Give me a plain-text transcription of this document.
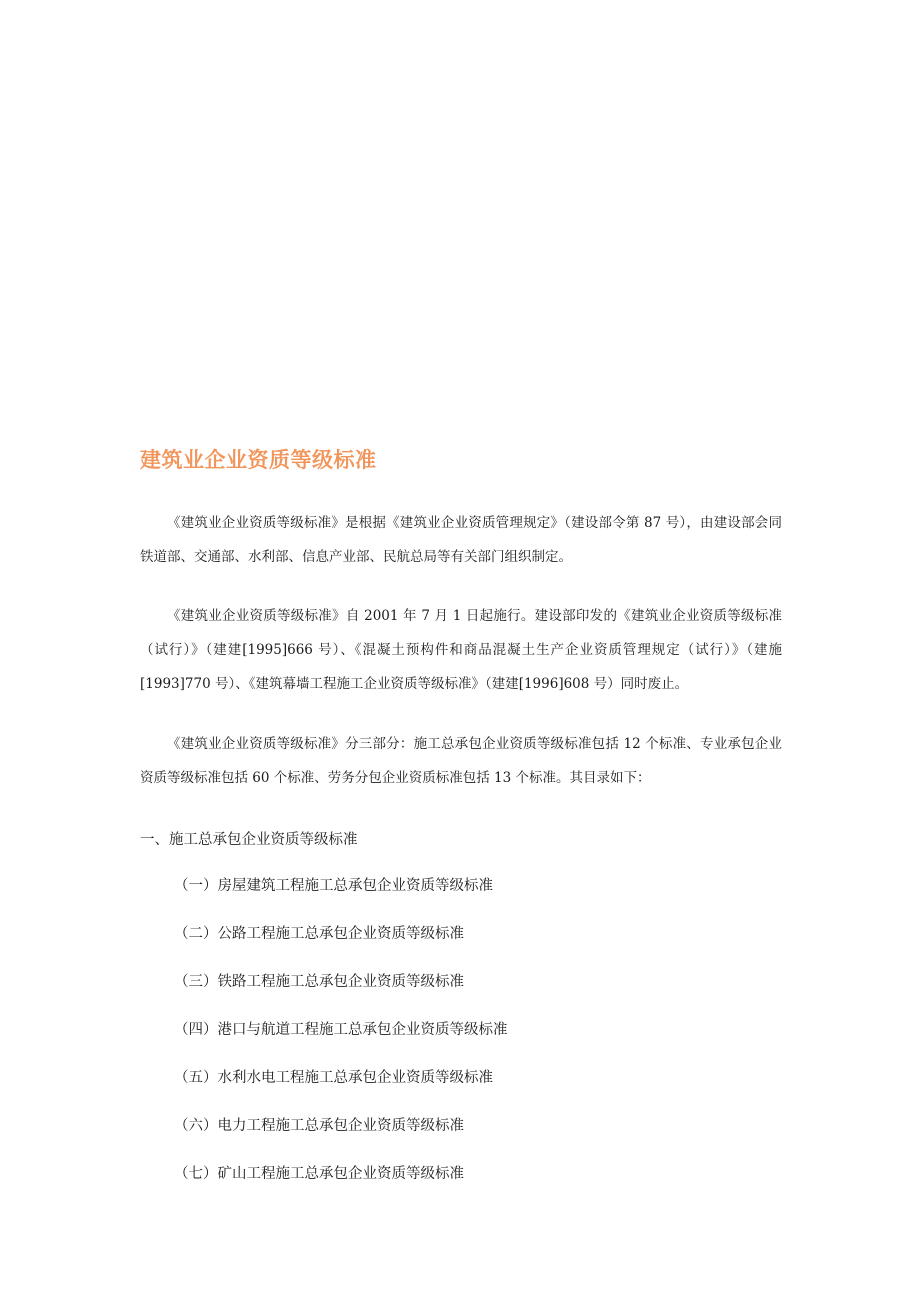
建筑业企业资质等级标准

《建筑业企业资质等级标准》是根据《建筑业企业资质管理规定》（建设部令第 87 号），由建设部会同铁道部、交通部、水利部、信息产业部、民航总局等有关部门组织制定。

《建筑业企业资质等级标准》自 2001 年 7 月 1 日起施行。建设部印发的《建筑业企业资质等级标准（试行）》（建建[1995]666 号）、《混凝土预构件和商品混凝土生产企业资质管理规定（试行）》（建施[1993]770 号）、《建筑幕墙工程施工企业资质等级标准》（建建[1996]608 号）同时废止。

《建筑业企业资质等级标准》分三部分：施工总承包企业资质等级标准包括 12 个标准、专业承包企业资质等级标准包括 60 个标准、劳务分包企业资质标准包括 13 个标准。其目录如下：

一、施工总承包企业资质等级标准
（一）房屋建筑工程施工总承包企业资质等级标准
（二）公路工程施工总承包企业资质等级标准
（三）铁路工程施工总承包企业资质等级标准
（四）港口与航道工程施工总承包企业资质等级标准
（五）水利水电工程施工总承包企业资质等级标准
（六）电力工程施工总承包企业资质等级标准
（七）矿山工程施工总承包企业资质等级标准
